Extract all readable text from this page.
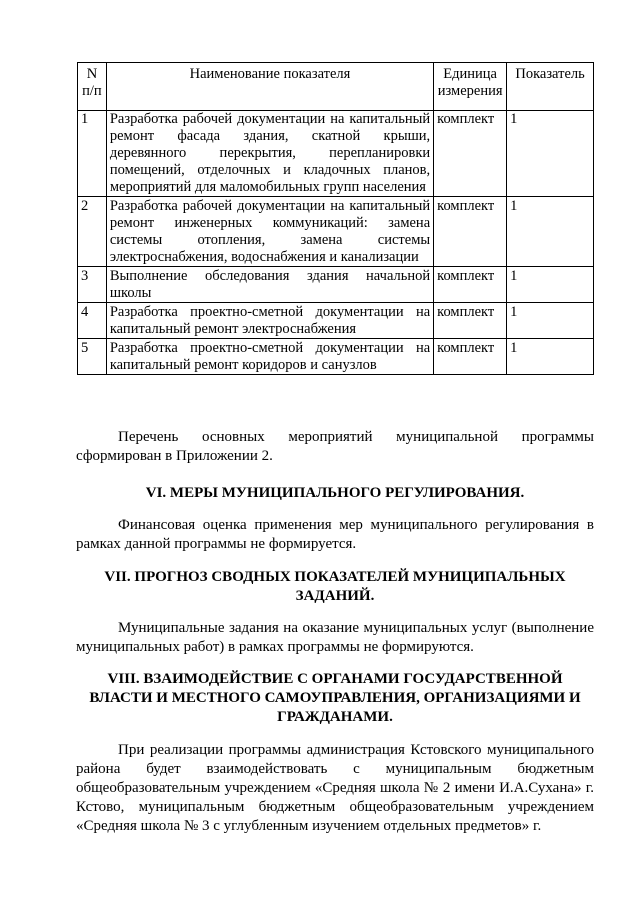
N п/п	Наименование показателя	Единица измерения	Показатель
1	Разработка рабочей документации на капитальный ремонт фасада здания, скатной крыши, деревянного перекрытия, перепланировки помещений, отделочных и кладочных планов, мероприятий для маломобильных групп населения	комплект	1
2	Разработка рабочей документации на капитальный ремонт инженерных коммуникаций: замена системы отопления, замена системы электроснабжения, водоснабжения и канализации	комплект	1
3	Выполнение обследования здания начальной школы	комплект	1
4	Разработка проектно-сметной документации на капитальный ремонт электроснабжения	комплект	1
5	Разработка проектно-сметной документации на капитальный ремонт коридоров и санузлов	комплект	1
Перечень основных мероприятий муниципальной программы сформирован в Приложении 2.
VI. МЕРЫ МУНИЦИПАЛЬНОГО РЕГУЛИРОВАНИЯ.
Финансовая оценка применения мер муниципального регулирования в рамках данной программы не формируется.
VII. ПРОГНОЗ СВОДНЫХ ПОКАЗАТЕЛЕЙ МУНИЦИПАЛЬНЫХ ЗАДАНИЙ.
Муниципальные задания на оказание муниципальных услуг (выполнение муниципальных работ) в рамках программы не формируются.
VIII. ВЗАИМОДЕЙСТВИЕ С ОРГАНАМИ ГОСУДАРСТВЕННОЙ ВЛАСТИ И МЕСТНОГО САМОУПРАВЛЕНИЯ, ОРГАНИЗАЦИЯМИ И ГРАЖДАНАМИ.
При реализации программы администрация Кстовского муниципального района будет взаимодействовать с муниципальным бюджетным общеобразовательным учреждением «Средняя школа № 2 имени И.А.Сухана» г. Кстово, муниципальным бюджетным общеобразовательным учреждением «Средняя школа № 3 с углубленным изучением отдельных предметов» г.
